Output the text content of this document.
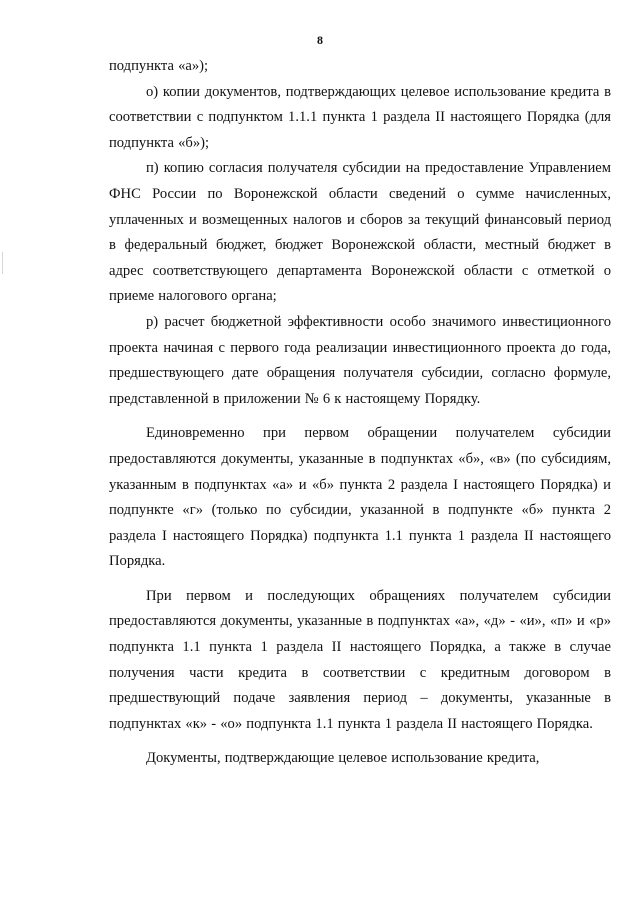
8

подпункта «а»);

о) копии документов, подтверждающих целевое использование кредита в соответствии с подпунктом 1.1.1 пункта 1 раздела II настоящего Порядка (для подпункта «б»);

п) копию согласия получателя субсидии на предоставление Управлением ФНС России по Воронежской области сведений о сумме начисленных, уплаченных и возмещенных налогов и сборов за текущий финансовый период в федеральный бюджет, бюджет Воронежской области, местный бюджет в адрес соответствующего департамента Воронежской области с отметкой о приеме налогового органа;

р) расчет бюджетной эффективности особо значимого инвестиционного проекта начиная с первого года реализации инвестиционного проекта до года, предшествующего дате обращения получателя субсидии, согласно формуле, представленной в приложении № 6 к настоящему Порядку.

Единовременно при первом обращении получателем субсидии предоставляются документы, указанные в подпунктах «б», «в» (по субсидиям, указанным в подпунктах «а» и «б» пункта 2 раздела I настоящего Порядка) и подпункте «г» (только по субсидии, указанной в подпункте «б» пункта 2 раздела I настоящего Порядка) подпункта 1.1 пункта 1 раздела II настоящего Порядка.

При первом и последующих обращениях получателем субсидии предоставляются документы, указанные в подпунктах «а», «д» - «и», «п» и «р» подпункта 1.1 пункта 1 раздела II настоящего Порядка, а также в случае получения части кредита в соответствии с кредитным договором в предшествующий подаче заявления период – документы, указанные в подпунктах «к» - «о» подпункта 1.1 пункта 1 раздела II настоящего Порядка.

Документы, подтверждающие целевое использование кредита,
